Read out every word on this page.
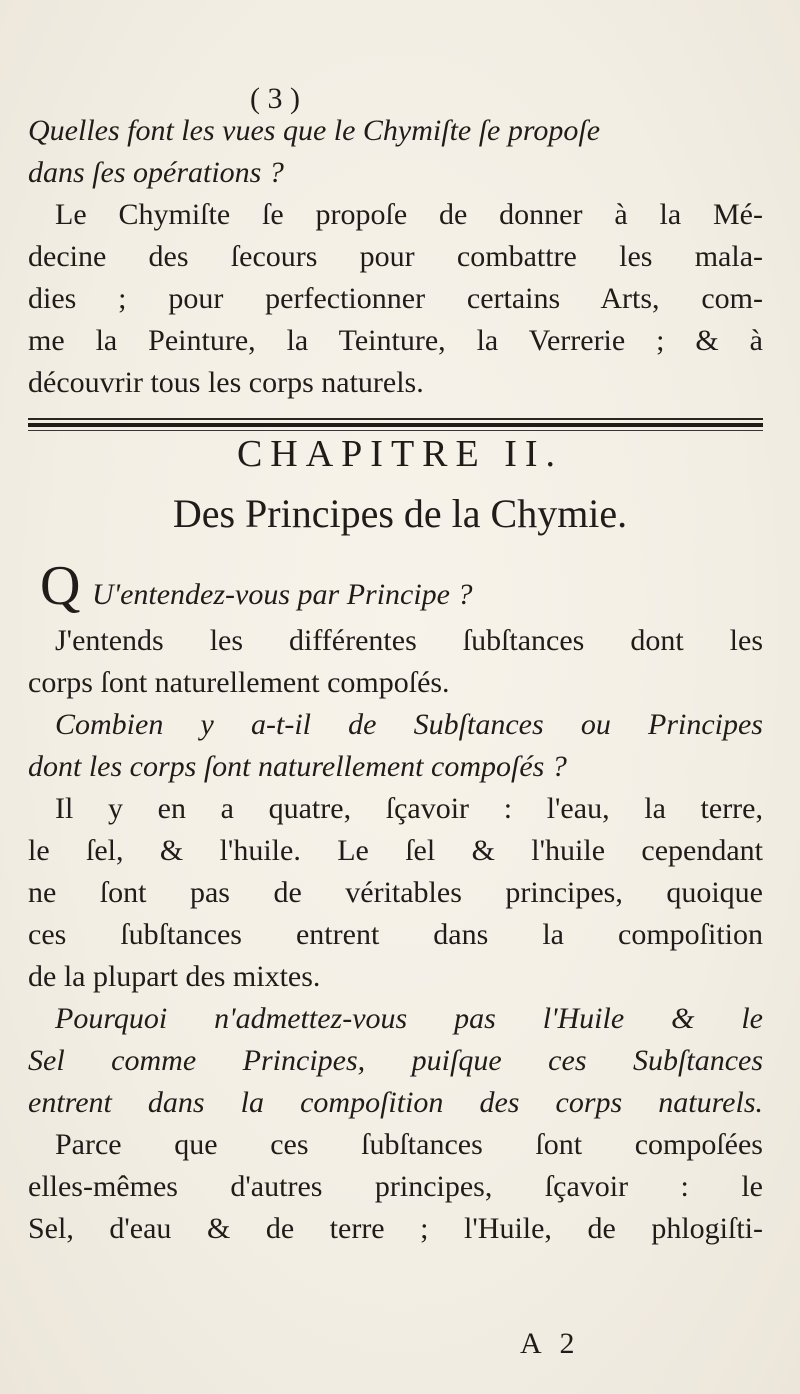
( 3 )
Quelles font les vues que le Chymiſte ſe propoſe
dans ſes opérations ?
Le Chymiſte ſe propoſe de donner à la Mé-
decine des ſecours pour combattre les mala-
dies ; pour perfectionner certains Arts, com-
me la Peinture, la Teinture, la Verrerie ; & à
découvrir tous les corps naturels.
CHAPITRE II.
Des Principes de la Chymie.
Q U'entendez-vous par Principe ?
J'entends les différentes ſubſtances dont les
corps ſont naturellement compoſés.
Combien y a-t-il de Subſtances ou Principes
dont les corps ſont naturellement compoſés ?
Il y en a quatre, ſçavoir : l'eau, la terre,
le ſel, & l'huile. Le ſel & l'huile cependant
ne ſont pas de véritables principes, quoique
ces ſubſtances entrent dans la compoſition
de la plupart des mixtes.
Pourquoi n'admettez-vous pas l'Huile & le
Sel comme Principes, puiſque ces Subſtances
entrent dans la compoſition des corps naturels.
Parce que ces ſubſtances ſont compoſées
elles-mêmes d'autres principes, ſçavoir : le
Sel, d'eau & de terre ; l'Huile, de phlogiſti-
A 2
